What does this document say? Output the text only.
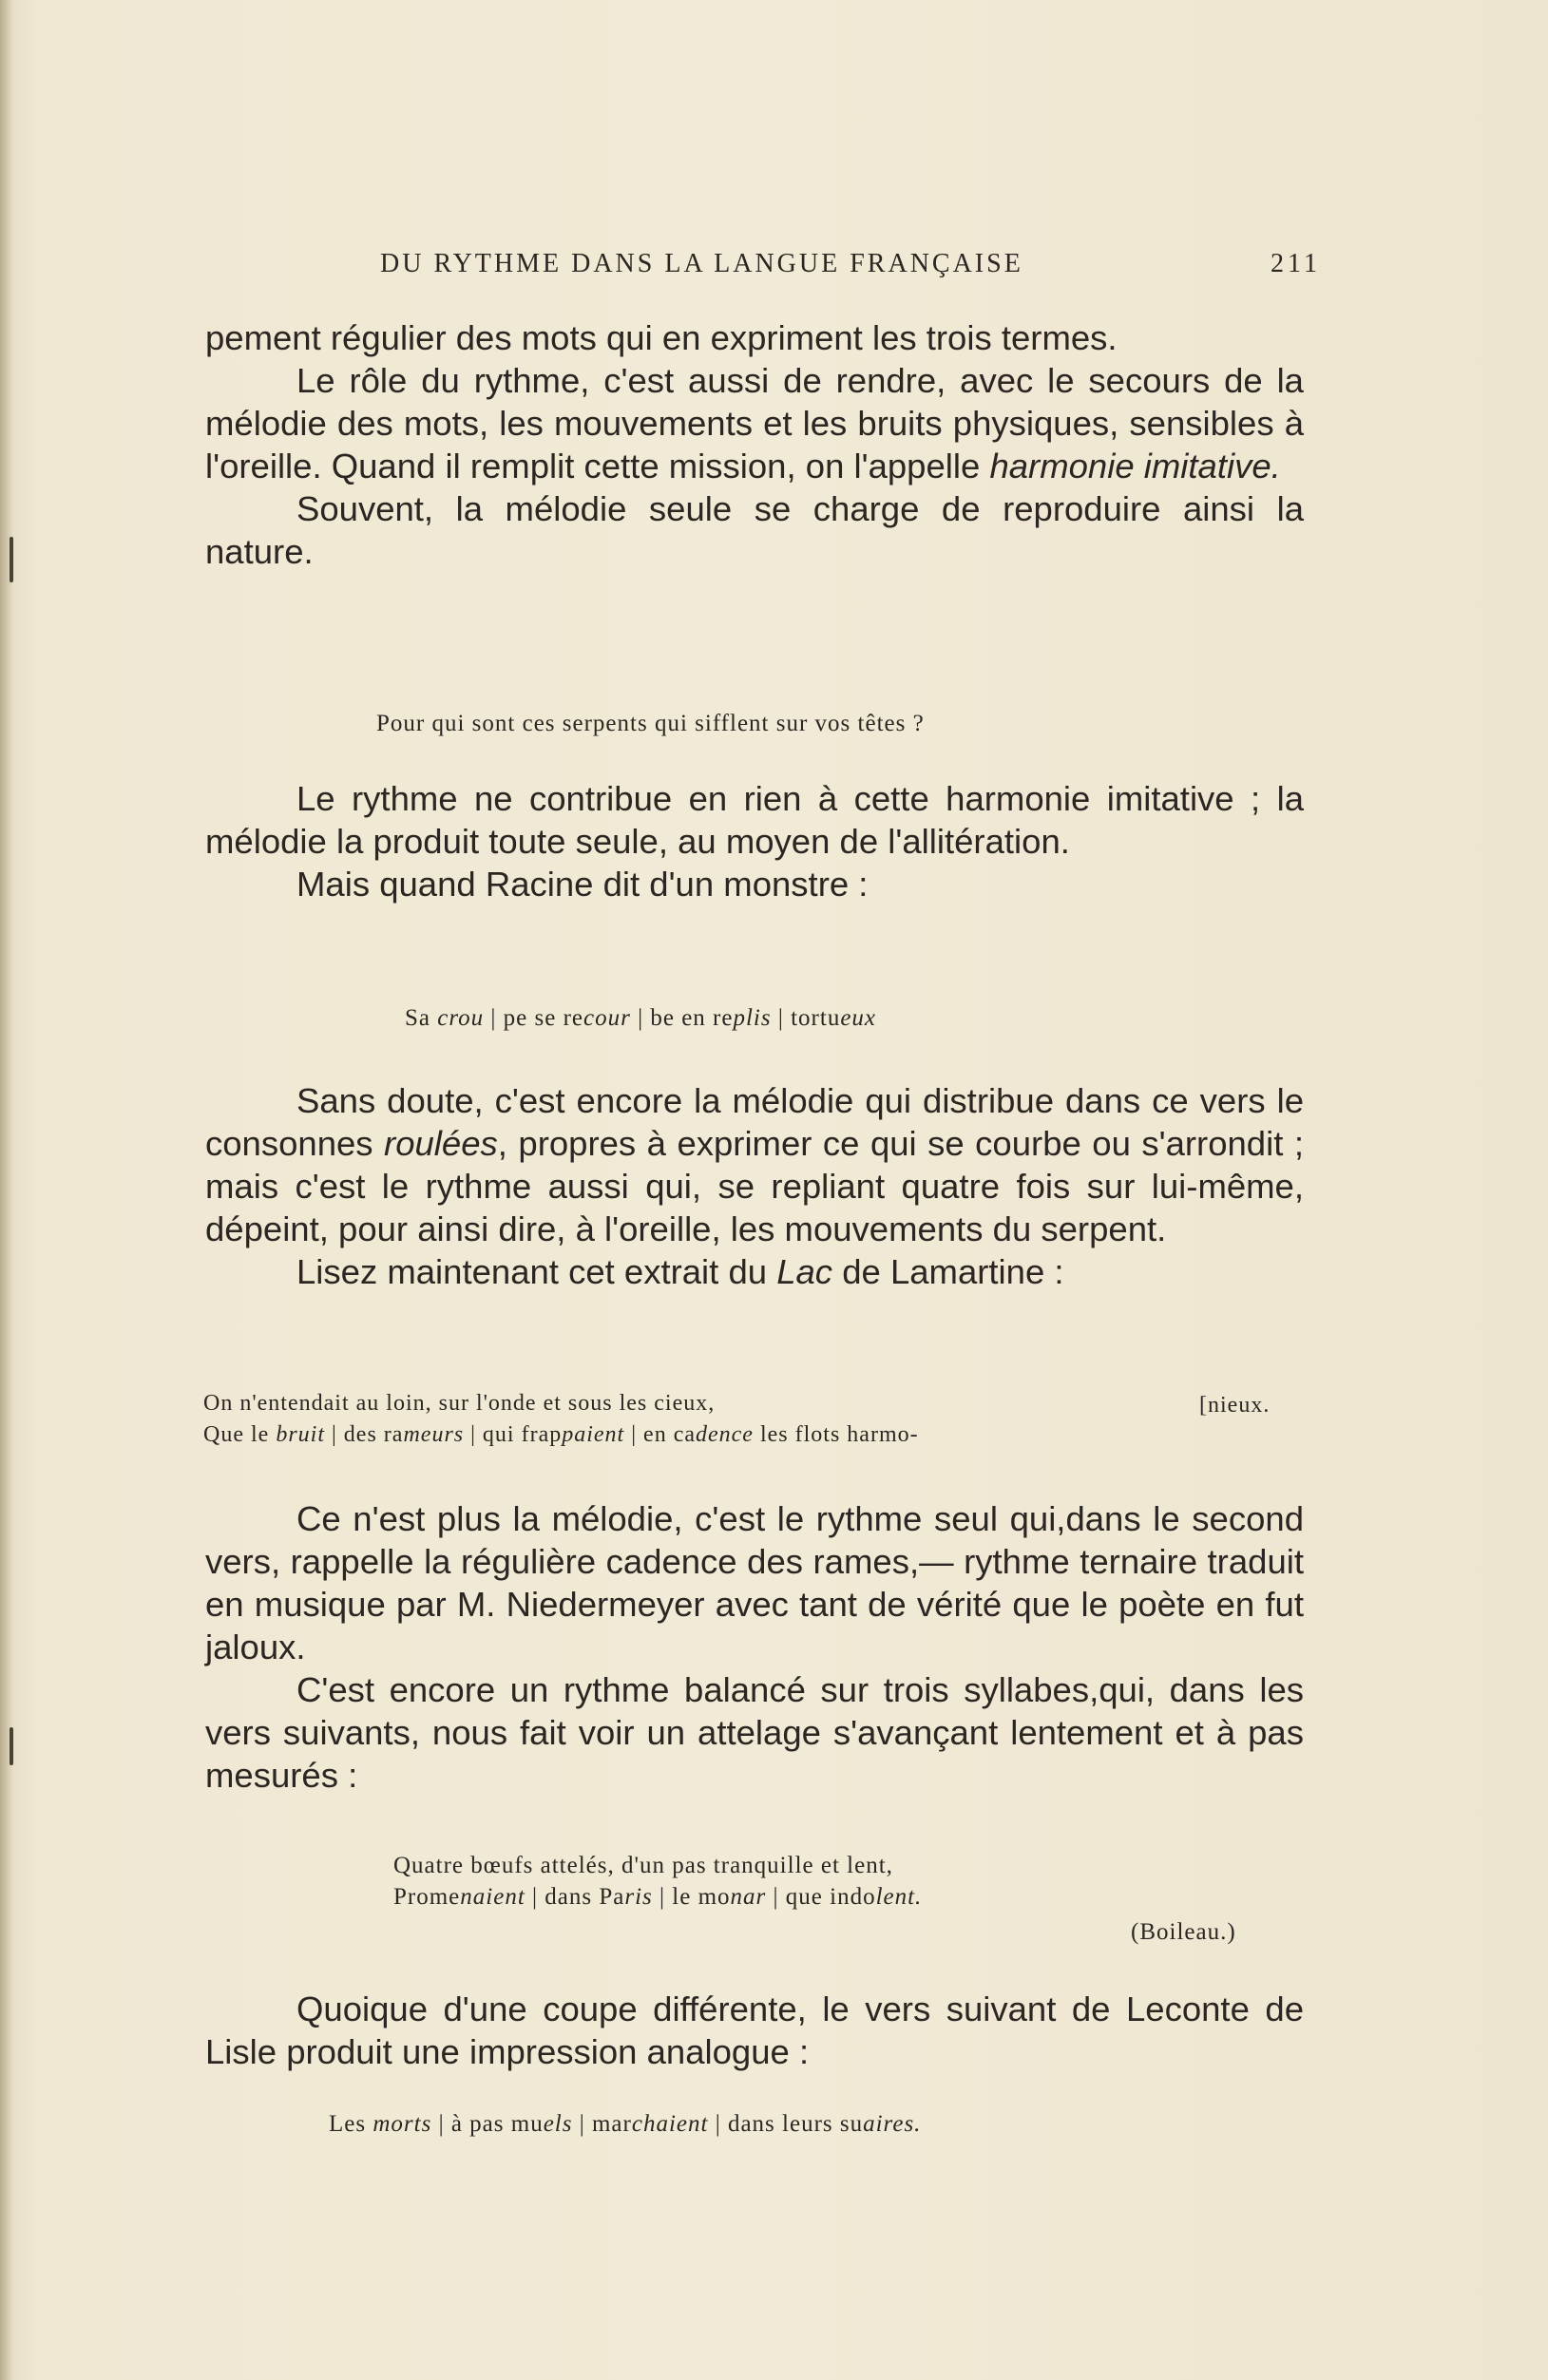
DU RYTHME DANS LA LANGUE FRANÇAISE	211

pement régulier des mots qui en expriment les trois termes.

Le rôle du rythme, c'est aussi de rendre, avec le secours de la mélodie des mots, les mouvements et les bruits physiques, sensibles à l'oreille. Quand il remplit cette mission, on l'appelle harmonie imitative.

Souvent, la mélodie seule se charge de reproduire ainsi la nature.

Pour qui sont ces serpents qui sifflent sur vos têtes ?

Le rythme ne contribue en rien à cette harmonie imitative ; la mélodie la produit toute seule, au moyen de l'allitération.

Mais quand Racine dit d'un monstre :

Sa crou | pe se recour | be en replis | tortueux

Sans doute, c'est encore la mélodie qui distribue dans ce vers le consonnes roulées, propres à exprimer ce qui se courbe ou s'arrondit ; mais c'est le rythme aussi qui, se repliant quatre fois sur lui-même, dépeint, pour ainsi dire, à l'oreille, les mouvements du serpent.

Lisez maintenant cet extrait du Lac de Lamartine :

On n'entendait au loin, sur l'onde et sous les cieux,	[nieux.
Que le bruit | des rameurs | qui frappaient | en cadence les flots harmo-

Ce n'est plus la mélodie, c'est le rythme seul qui,dans le second vers, rappelle la régulière cadence des rames,— rythme ternaire traduit en musique par M. Niedermeyer avec tant de vérité que le poète en fut jaloux.

C'est encore un rythme balancé sur trois syllabes,qui, dans les vers suivants, nous fait voir un attelage s'avançant lentement et à pas mesurés :

Quatre bœufs attelés, d'un pas tranquille et lent,
Promenaient | dans Paris | le monar | que indolent.
(Boileau.)

Quoique d'une coupe différente, le vers suivant de Leconte de Lisle produit une impression analogue :

Les morts | à pas muels | marchaient | dans leurs suaires.
